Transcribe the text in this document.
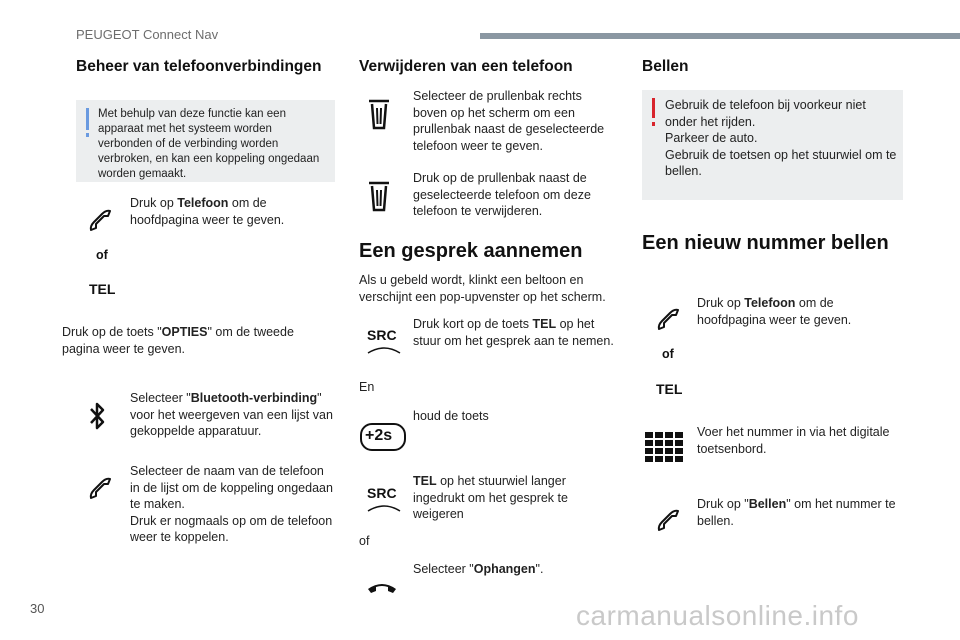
PEUGEOT Connect Nav
Beheer van telefoonverbindingen
Met behulp van deze functie kan een apparaat met het systeem worden verbonden of de verbinding worden verbroken, en kan een koppeling ongedaan worden gemaakt.
Druk op Telefoon om de hoofdpagina weer te geven.
of
TEL
Druk op de toets "OPTIES" om de tweede pagina weer te geven.
Selecteer "Bluetooth-verbinding" voor het weergeven van een lijst van gekoppelde apparatuur.
Selecteer de naam van de telefoon in de lijst om de koppeling ongedaan te maken.
Druk er nogmaals op om de telefoon weer te koppelen.
Verwijderen van een telefoon
Selecteer de prullenbak rechts boven op het scherm om een prullenbak naast de geselecteerde telefoon weer te geven.
Druk op de prullenbak naast de geselecteerde telefoon om deze telefoon te verwijderen.
Een gesprek aannemen
Als u gebeld wordt, klinkt een beltoon en verschijnt een pop-upvenster op het scherm.
SRC
Druk kort op de toets TEL op het stuur om het gesprek aan te nemen.
En
houd de toets
+2s
SRC
TEL op het stuurwiel langer ingedrukt om het gesprek te weigeren
of
Selecteer "Ophangen".
Bellen
Gebruik de telefoon bij voorkeur niet onder het rijden.
Parkeer de auto.
Gebruik de toetsen op het stuurwiel om te bellen.
Een nieuw nummer bellen
Druk op Telefoon om de hoofdpagina weer te geven.
of
TEL
Voer het nummer in via het digitale toetsenbord.
Druk op "Bellen" om het nummer te bellen.
30	carmanualsonline.info
